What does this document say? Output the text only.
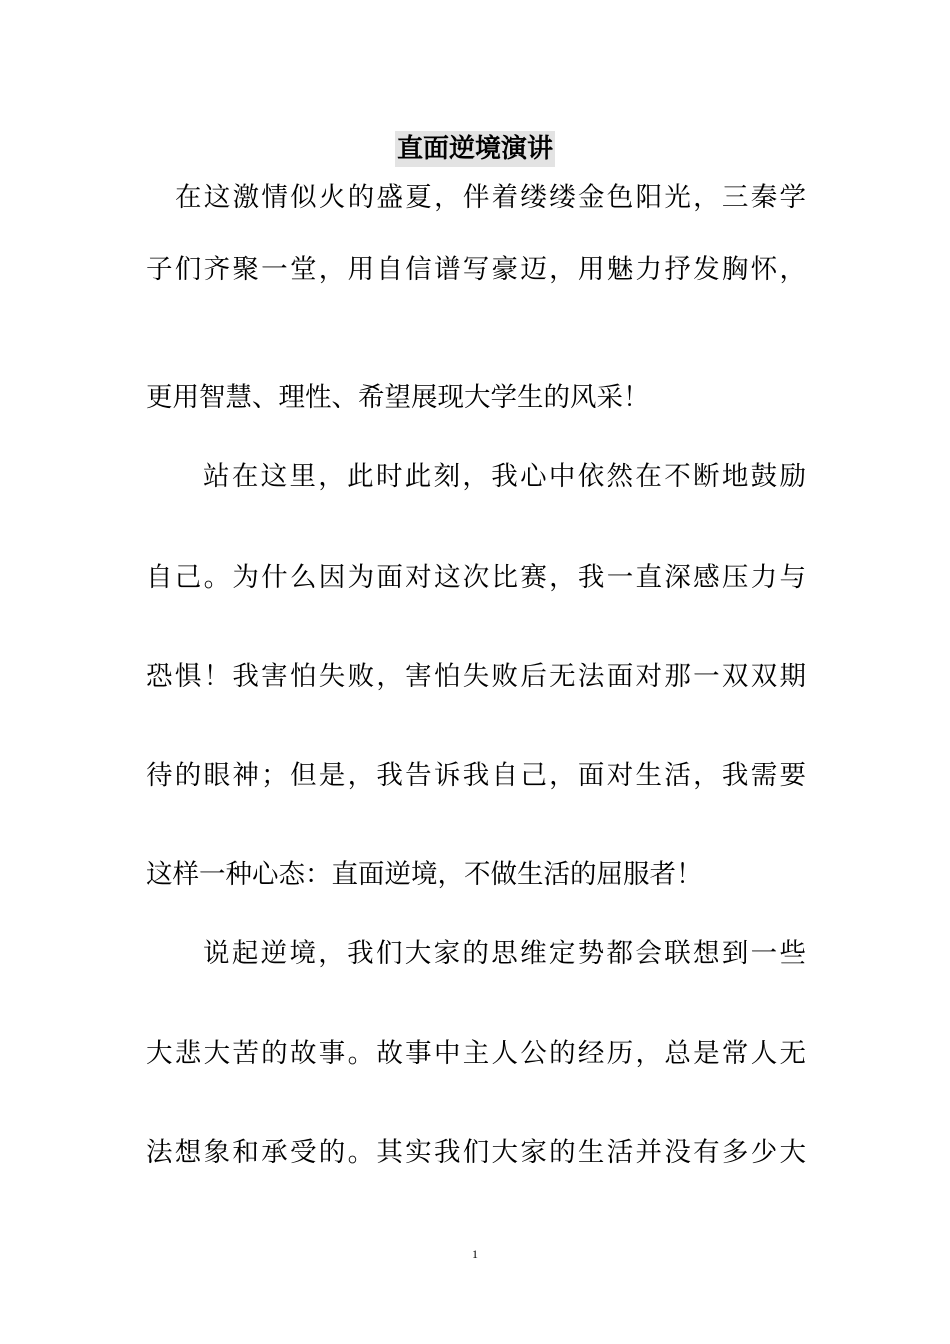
直面逆境演讲
在这激情似火的盛夏，伴着缕缕金色阳光，三秦学
子们齐聚一堂，用自信谱写豪迈，用魅力抒发胸怀，
更用智慧、理性、希望展现大学生的风采！
站在这里，此时此刻，我心中依然在不断地鼓励
自己。为什么因为面对这次比赛，我一直深感压力与
恐惧！我害怕失败，害怕失败后无法面对那一双双期
待的眼神；但是，我告诉我自己，面对生活，我需要
这样一种心态：直面逆境，不做生活的屈服者！
说起逆境，我们大家的思维定势都会联想到一些
大悲大苦的故事。故事中主人公的经历，总是常人无
法想象和承受的。其实我们大家的生活并没有多少大
1
